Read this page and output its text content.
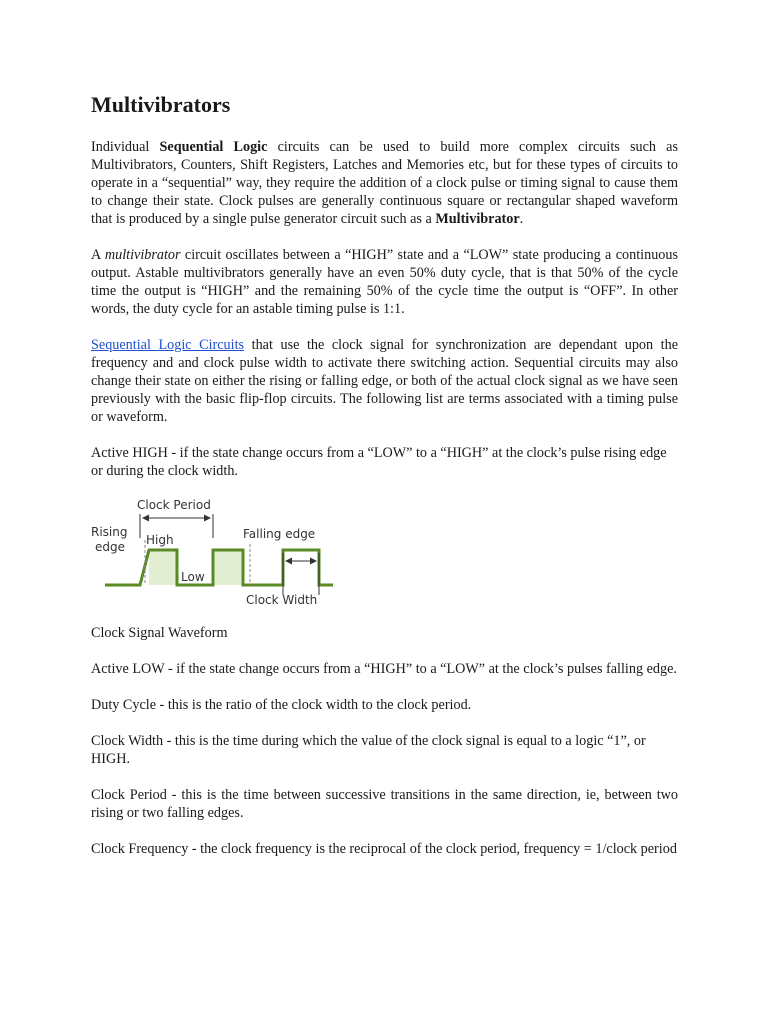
Multivibrators

Individual Sequential Logic circuits can be used to build more complex circuits such as Multivibrators, Counters, Shift Registers, Latches and Memories etc, but for these types of circuits to operate in a “sequential” way, they require the addition of a clock pulse or timing signal to cause them to change their state. Clock pulses are generally continuous square or rectangular shaped waveform that is produced by a single pulse generator circuit such as a Multivibrator.

A multivibrator circuit oscillates between a “HIGH” state and a “LOW” state producing a continuous output. Astable multivibrators generally have an even 50% duty cycle, that is that 50% of the cycle time the output is “HIGH” and the remaining 50% of the cycle time the output is “OFF”. In other words, the duty cycle for an astable timing pulse is 1:1.

Sequential Logic Circuits that use the clock signal for synchronization are dependant upon the frequency and and clock pulse width to activate there switching action. Sequential circuits may also change their state on either the rising or falling edge, or both of the actual clock signal as we have seen previously with the basic flip-flop circuits. The following list are terms associated with a timing pulse or waveform.

Active HIGH - if the state change occurs from a “LOW” to a “HIGH” at the clock’s pulse rising edge or during the clock width.

Clock Period
Rising
edge High
Low
Falling edge
Clock Width

Clock Signal Waveform

Active LOW - if the state change occurs from a “HIGH” to a “LOW” at the clock’s pulses falling edge.

Duty Cycle - this is the ratio of the clock width to the clock period.

Clock Width - this is the time during which the value of the clock signal is equal to a logic “1”, or HIGH.

Clock Period - this is the time between successive transitions in the same direction, ie, between two rising or two falling edges.

Clock Frequency - the clock frequency is the reciprocal of the clock period, frequency = 1/clock period
